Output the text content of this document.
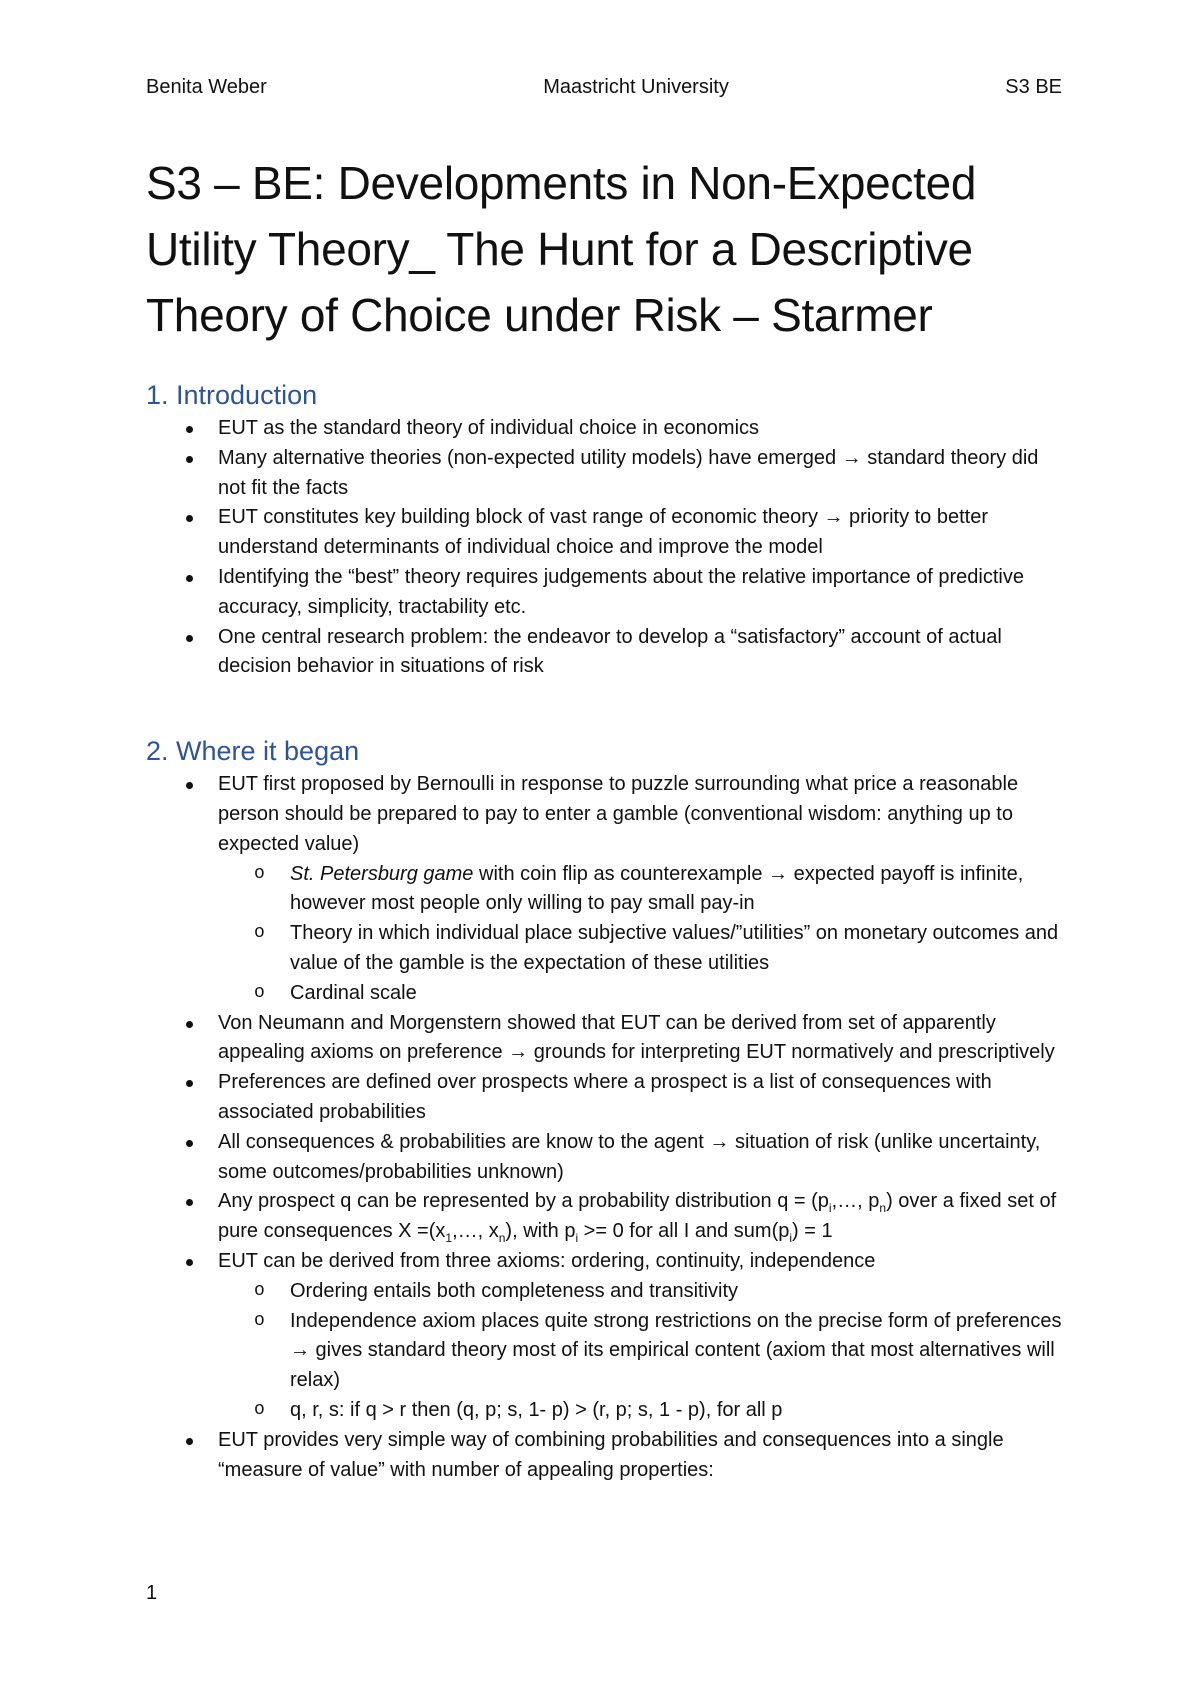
Benita Weber	Maastricht University	S3 BE
S3 – BE: Developments in Non-Expected Utility Theory_ The Hunt for a Descriptive Theory of Choice under Risk – Starmer
1. Introduction
EUT as the standard theory of individual choice in economics
Many alternative theories (non-expected utility models) have emerged → standard theory did not fit the facts
EUT constitutes key building block of vast range of economic theory → priority to better understand determinants of individual choice and improve the model
Identifying the “best” theory requires judgements about the relative importance of predictive accuracy, simplicity, tractability etc.
One central research problem: the endeavor to develop a “satisfactory” account of actual decision behavior in situations of risk
2. Where it began
EUT first proposed by Bernoulli in response to puzzle surrounding what price a reasonable person should be prepared to pay to enter a gamble (conventional wisdom: anything up to expected value)
o St. Petersburg game with coin flip as counterexample → expected payoff is infinite, however most people only willing to pay small pay-in
o Theory in which individual place subjective values/”utilities” on monetary outcomes and value of the gamble is the expectation of these utilities
o Cardinal scale
Von Neumann and Morgenstern showed that EUT can be derived from set of apparently appealing axioms on preference → grounds for interpreting EUT normatively and prescriptively
Preferences are defined over prospects where a prospect is a list of consequences with associated probabilities
All consequences & probabilities are know to the agent → situation of risk (unlike uncertainty, some outcomes/probabilities unknown)
Any prospect q can be represented by a probability distribution $q = (p_i,\dots$, $p_n$) over a fixed set of pure consequences $X =(x_1,\dots$, $x_n$), with $p_i >= 0$ for all I and $sum(p_i) = 1$
EUT can be derived from three axioms: ordering, continuity, independence
o Ordering entails both completeness and transitivity
o Independence axiom places quite strong restrictions on the precise form of preferences → gives standard theory most of its empirical content (axiom that most alternatives will relax)
o q, r, s: if q > r then (q, p; s, 1- p) > (r, p; s, 1 - p), for all p
EUT provides very simple way of combining probabilities and consequences into a single “measure of value” with number of appealing properties:
1
